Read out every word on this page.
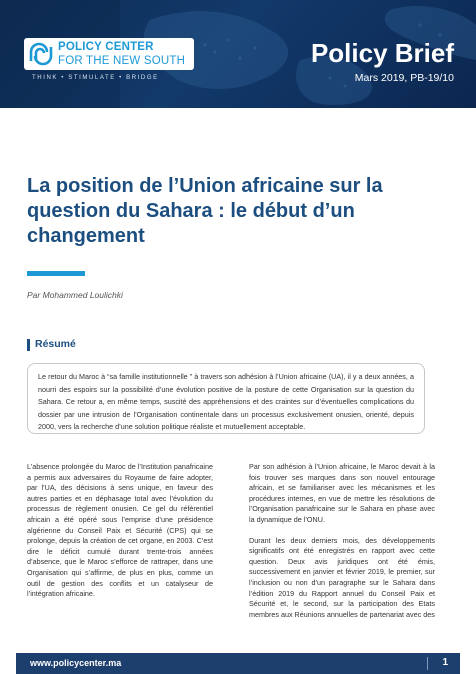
POLICY CENTER
FOR THE NEW SOUTH
THINK • STIMULATE • BRIDGE
Policy Brief
Mars 2019, PB-19/10
La position de l’Union africaine sur la question du Sahara : le début d’un changement
Par Mohammed Loulichki
Résumé
Le retour du Maroc à “sa famille institutionnelle ” à travers son adhésion à l’Union africaine (UA), il y a deux années, a nourri des espoirs sur la possibilité d’une évolution positive de la posture de cette Organisation sur la question du Sahara. Ce retour a, en même temps, suscité des appréhensions et des craintes sur d’éventuelles complications du dossier par une intrusion de l’Organisation continentale dans un processus exclusivement onusien, orienté, depuis 2000, vers la recherche d’une solution politique réaliste et mutuellement acceptable.

L’absence prolongée du Maroc de l’Institution panafricaine a permis aux adversaires du Royaume de faire adopter, par l’UA, des décisions à sens unique, en faveur des autres parties et en déphasage total avec l’évolution du processus de règlement onusien. Ce gel du référentiel africain a été opéré sous l’emprise d’une présidence algérienne du Conseil Paix et Sécurité (CPS) qui se prolonge, depuis la création de cet organe, en 2003. C’est dire le déficit cumulé durant trente-trois années d’absence, que le Maroc s’efforce de rattraper, dans une Organisation qui s’affirme, de plus en plus, comme un outil de gestion des conflits et un catalyseur de l’intégration africaine.

Par son adhésion à l’Union africaine, le Maroc devait à la fois trouver ses marques dans son nouvel entourage africain, et se familiariser avec les mécanismes et les procédures internes, en vue de mettre les résolutions de l’Organisation panafricaine sur le Sahara en phase avec la dynamique de l’ONU.

Durant les deux derniers mois, des développements significatifs ont été enregistrés en rapport avec cette question. Deux avis juridiques ont été émis, successivement en janvier et février 2019, le premier, sur l’inclusion ou non d’un paragraphe sur le Sahara dans l’édition 2019 du Rapport annuel du Conseil Paix et Sécurité et, le second, sur la participation des Etats membres aux Réunions annuelles de partenariat avec des

www.policycenter.ma	1
